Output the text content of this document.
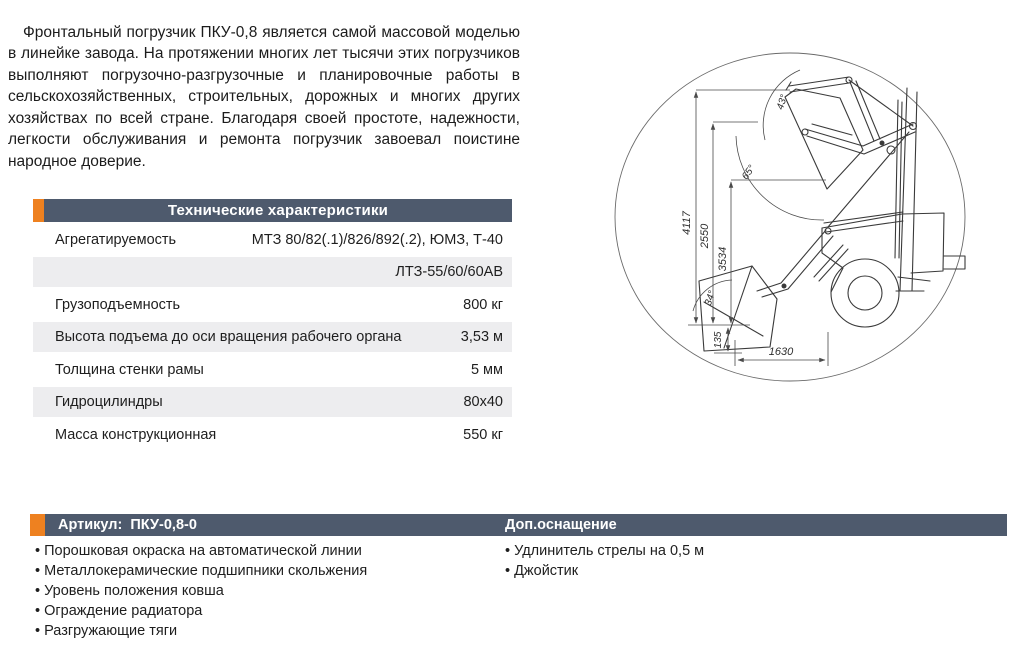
Фронтальный погрузчик ПКУ-0,8 является самой массовой моделью в линейке завода. На протяжении многих лет тысячи этих погрузчиков выполняют погрузочно-разгрузочные и планировочные работы в сельскохозяйственных, строительных, дорожных и многих других хозяйствах по всей стране. Благодаря своей простоте, надежности, легкости обслуживания и ремонта погрузчик завоевал поистине народное доверие.

Технические характеристики
Агрегатируемость	МТЗ 80/82(.1)/826/892(.2), ЮМЗ, Т-40
ЛТЗ-55/60/60АВ
Грузоподъемность	800 кг
Высота подъема до оси вращения рабочего органа	3,53 м
Толщина стенки рамы	5 мм
Гидроцилиндры	80х40
Масса конструкционная	550 кг
4117
2550
3534
135
1630
43°
65°
34°
Артикул:  ПКУ-0,8-0	Доп.оснащение
• Порошковая окраска на автоматической линии
• Металлокерамические подшипники скольжения
• Уровень положения ковша
• Ограждение радиатора
• Разгружающие тяги
• Удлинитель стрелы на 0,5 м
• Джойстик
